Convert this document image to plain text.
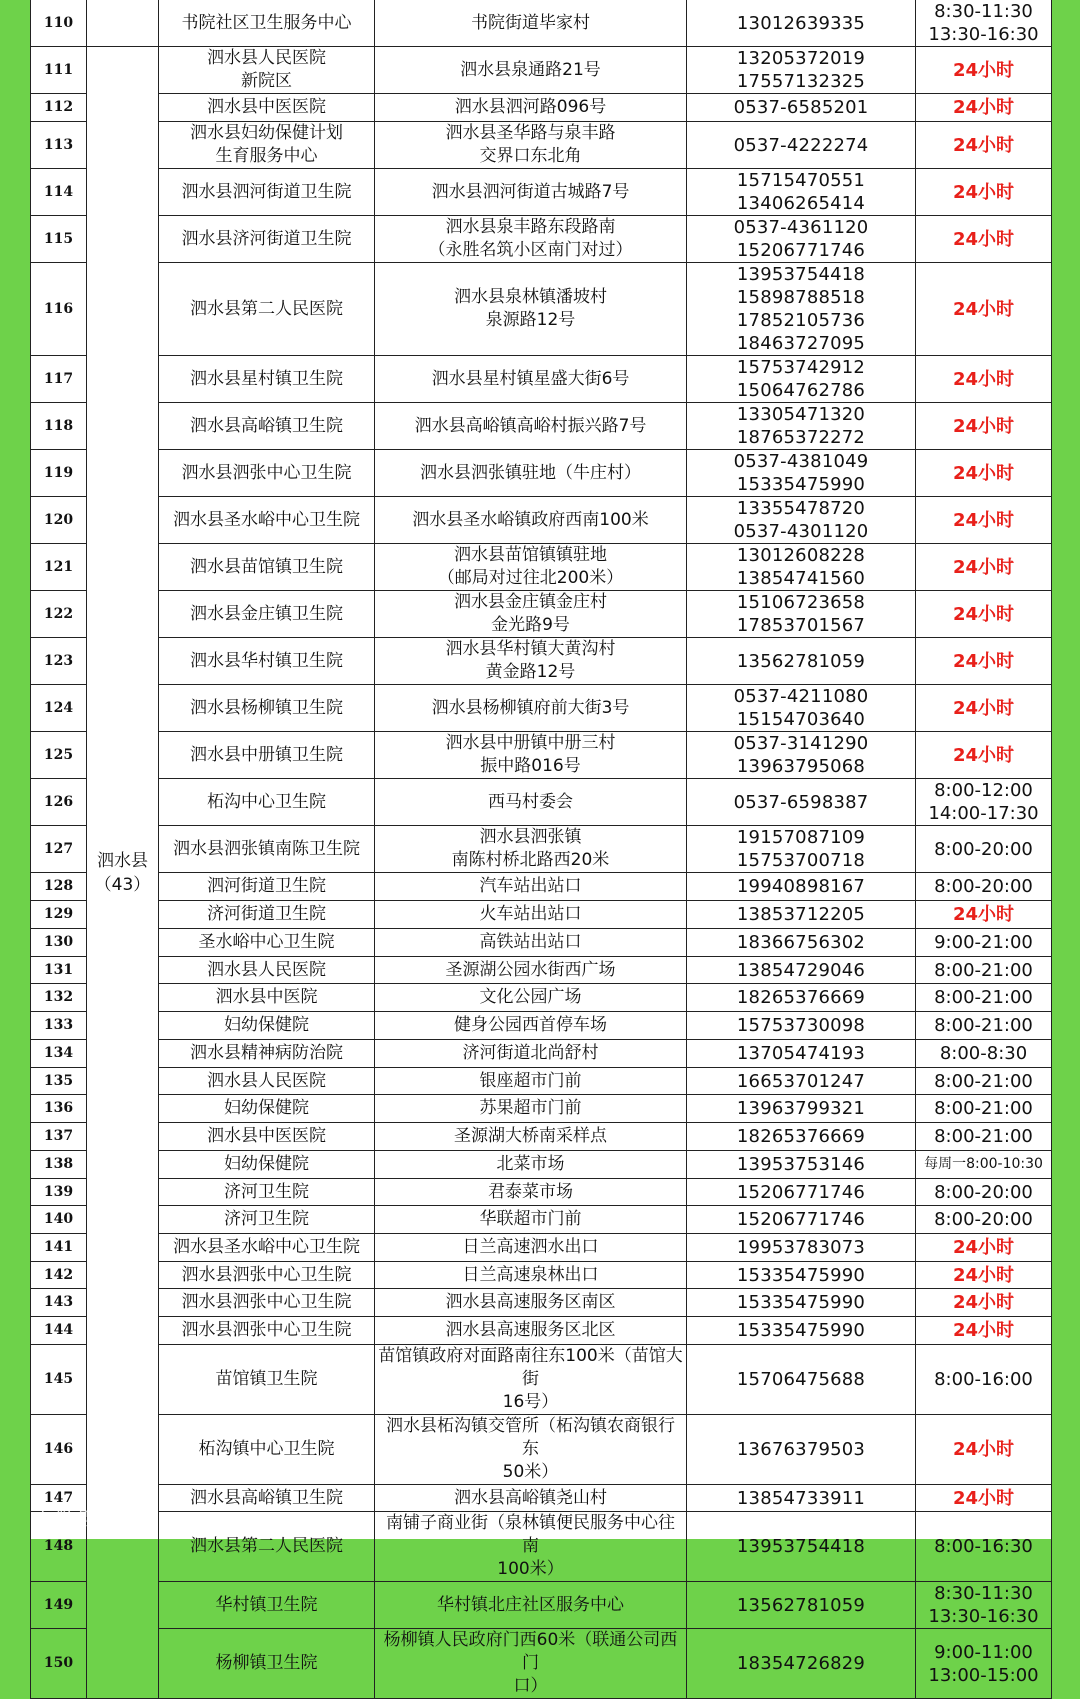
110		书院社区卫生服务中心	书院街道毕家村	13012639335	8:30-11:30
13:30-16:30

111	泗水县
（43）	泗水县人民医院
新院区	泗水县泉通路21号	13205372019
17557132325	24小时

112		泗水县中医医院	泗水县泗河路096号	0537-6585201	24小时

113		泗水县妇幼保健计划
生育服务中心	泗水县圣华路与泉丰路
交界口东北角	0537-4222274	24小时

114		泗水县泗河街道卫生院	泗水县泗河街道古城路7号	15715470551
13406265414	24小时

115		泗水县济河街道卫生院	泗水县泉丰路东段路南
（永胜名筑小区南门对过）	0537-4361120
15206771746	24小时

116		泗水县第二人民医院	泗水县泉林镇潘坡村
泉源路12号	13953754418
15898788518
17852105736
18463727095	24小时

117		泗水县星村镇卫生院	泗水县星村镇星盛大街6号	15753742912
15064762786	24小时

118		泗水县高峪镇卫生院	泗水县高峪镇高峪村振兴路7号	13305471320
18765372272	24小时

119		泗水县泗张中心卫生院	泗水县泗张镇驻地（牛庄村）	0537-4381049
15335475990	24小时

120		泗水县圣水峪中心卫生院	泗水县圣水峪镇政府西南100米	13355478720
0537-4301120	24小时

121		泗水县苗馆镇卫生院	泗水县苗馆镇镇驻地
（邮局对过往北200米）	13012608228
13854741560	24小时

122		泗水县金庄镇卫生院	泗水县金庄镇金庄村
金光路9号	15106723658
17853701567	24小时

123		泗水县华村镇卫生院	泗水县华村镇大黄沟村
黄金路12号	13562781059	24小时

124		泗水县杨柳镇卫生院	泗水县杨柳镇府前大街3号	0537-4211080
15154703640	24小时

125		泗水县中册镇卫生院	泗水县中册镇中册三村
振中路016号	0537-3141290
13963795068	24小时

126		柘沟中心卫生院	西马村委会	0537-6598387	8:00-12:00
14:00-17:30

127		泗水县泗张镇南陈卫生院	泗水县泗张镇
南陈村桥北路西20米	19157087109
15753700718	8:00-20:00

128		泗河街道卫生院	汽车站出站口	19940898167	8:00-20:00

129		济河街道卫生院	火车站出站口	13853712205	24小时

130		圣水峪中心卫生院	高铁站出站口	18366756302	9:00-21:00

131		泗水县人民医院	圣源湖公园水街西广场	13854729046	8:00-21:00

132		泗水县中医院	文化公园广场	18265376669	8:00-21:00

133		妇幼保健院	健身公园西首停车场	15753730098	8:00-21:00

134		泗水县精神病防治院	济河街道北尚舒村	13705474193	8:00-8:30

135		泗水县人民医院	银座超市门前	16653701247	8:00-21:00

136		妇幼保健院	苏果超市门前	13963799321	8:00-21:00

137		泗水县中医医院	圣源湖大桥南采样点	18265376669	8:00-21:00

138		妇幼保健院	北菜市场	13953753146	每周一8:00-10:30

139		济河卫生院	君泰菜市场	15206771746	8:00-20:00

140		济河卫生院	华联超市门前	15206771746	8:00-20:00

141		泗水县圣水峪中心卫生院	日兰高速泗水出口	19953783073	24小时

142		泗水县泗张中心卫生院	日兰高速泉林出口	15335475990	24小时

143		泗水县泗张中心卫生院	泗水县高速服务区南区	15335475990	24小时

144		泗水县泗张中心卫生院	泗水县高速服务区北区	15335475990	24小时

145		苗馆镇卫生院	苗馆镇政府对面路南往东100米（苗馆大街
16号）	15706475688	8:00-16:00

146		柘沟镇中心卫生院	泗水县柘沟镇交管所（柘沟镇农商银行东
50米）	13676379503	24小时

147		泗水县高峪镇卫生院	泗水县高峪镇尧山村	13854733911	24小时

148		泗水县第二人民医院	南铺子商业街（泉林镇便民服务中心往南
100米）	13953754418	8:00-16:30

149		华村镇卫生院	华村镇北庄社区服务中心	13562781059	8:30-11:30
13:30-16:30

150		杨柳镇卫生院	杨柳镇人民政府门西60米（联通公司西门
口）	18354726829	9:00-11:00
13:00-15:00
大数跨境
